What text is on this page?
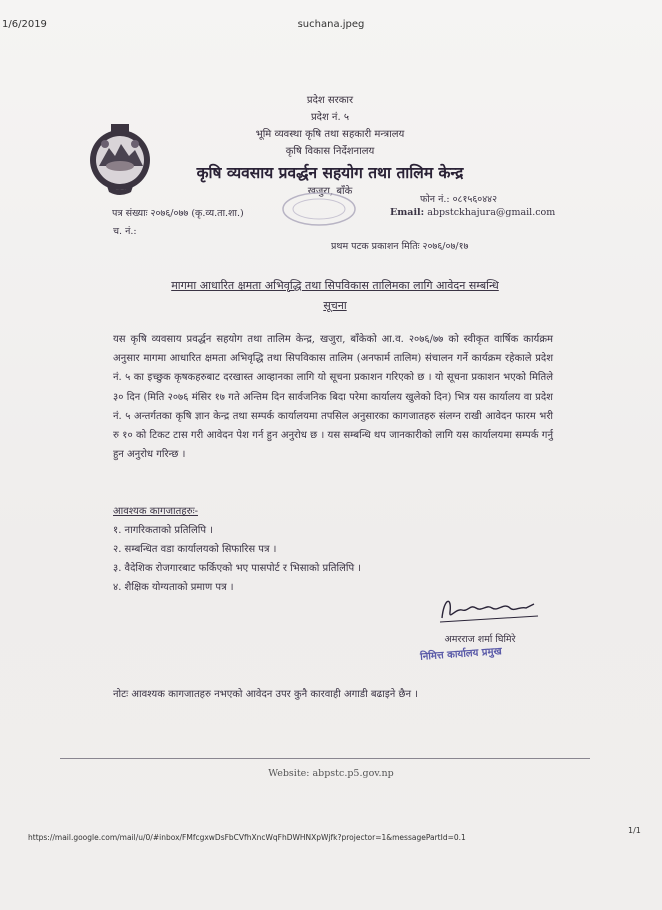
1/6/2019	suchana.jpeg
प्रदेश सरकार
प्रदेश नं. ५
भूमि व्यवस्था कृषि तथा सहकारी मन्त्रालय
कृषि विकास निर्देशनालय
कृषि व्यवसाय प्रवर्द्धन सहयोग तथा तालिम केन्द्र
खजुरा, बाँके
फोन नं.: ०८१५६०४४२
Email: abpstckhajura@gmail.com
पत्र संख्याः २०७६/०७७ (कृ.व्य.ता.शा.)
च. नं.:
प्रथम पटक प्रकाशन मितिः २०७६/०७/१७
मागमा आधारित क्षमता अभिवृद्धि तथा सिपविकास तालिमका लागि आवेदन सम्बन्धि
सूचना
यस कृषि व्यवसाय प्रवर्द्धन सहयोग तथा तालिम केन्द्र, खजुरा, बाँकेको आ.व. २०७६/७७ को स्वीकृत वार्षिक कार्यक्रम अनुसार मागमा आधारित क्षमता अभिवृद्धि तथा सिपविकास तालिम (अनफार्म तालिम) संचालन गर्ने कार्यक्रम रहेकाले प्रदेश नं. ५ का इच्छुक कृषकहरुबाट दरखास्त आव्हानका लागि यो सूचना प्रकाशन गरिएको छ । यो सूचना प्रकाशन भएको मितिले ३० दिन (मिति २०७६ मंसिर १७ गते अन्तिम दिन सार्वजनिक बिदा परेमा कार्यालय खुलेको दिन) भित्र यस कार्यालय वा प्रदेश नं. ५ अन्तर्गतका कृषि ज्ञान केन्द्र तथा सम्पर्क कार्यालयमा तपसिल अनुसारका कागजातहरु संलग्न राखी आवेदन फारम भरी रु १० को टिकट टास गरी आवेदन पेश गर्न हुन अनुरोध छ । यस सम्बन्धि थप जानकारीको लागि यस कार्यालयमा सम्पर्क गर्नु हुन अनुरोध गरिन्छ ।
आवश्यक कागजातहरुः-
१. नागरिकताको प्रतिलिपि ।
२. सम्बन्धित वडा कार्यालयको सिफारिस पत्र ।
३. वैदेशिक रोजगारबाट फर्किएको भए पासपोर्ट र भिसाको प्रतिलिपि ।
४. शैक्षिक योग्यताको प्रमाण पत्र ।
अमरराज शर्मा घिमिरे
निमित्त कार्यालय प्रमुख
नोटः आवश्यक कागजातहरु नभएको आवेदन उपर कुनै कारवाही अगाडी बढाइने छैन ।
Website: abpstc.p5.gov.np
https://mail.google.com/mail/u/0/#inbox/FMfcgxwDsFbCVfhXncWqFhDWHNXpWjfk?projector=1&messagePartId=0.1
1/1
